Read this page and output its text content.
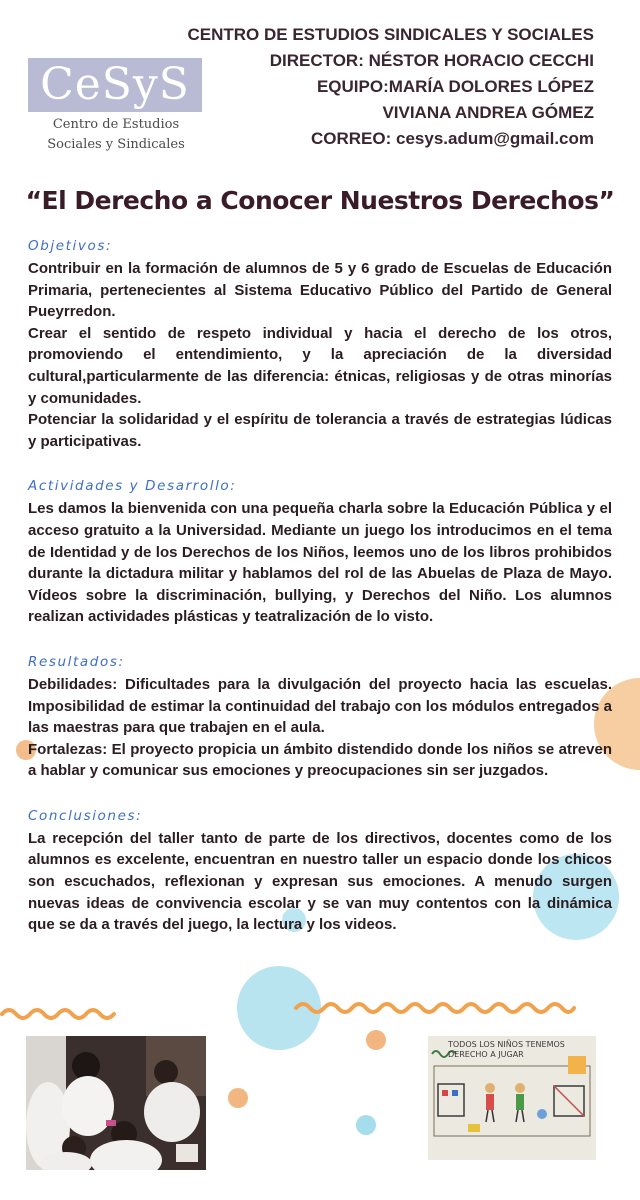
CeSyS
Centro de Estudios
Sociales y Sindicales
CENTRO DE ESTUDIOS SINDICALES Y SOCIALES
DIRECTOR: NÉSTOR HORACIO CECCHI
EQUIPO:MARÍA DOLORES LÓPEZ
VIVIANA ANDREA GÓMEZ
CORREO: cesys.adum@gmail.com
“El Derecho a Conocer Nuestros Derechos”
Objetivos:

Contribuir en la formación de alumnos de 5 y 6 grado de Escuelas de Educación Primaria, pertenecientes al Sistema Educativo Público del Partido de General Pueyrredon.

Crear el sentido de respeto individual y hacia el derecho de los otros, promoviendo el entendimiento, y la apreciación de la diversidad cultural,particularmente de las diferencia: étnicas, religiosas y de otras minorías y comunidades.

Potenciar la solidaridad y el espíritu de tolerancia a través de estrategias lúdicas y participativas.

Actividades y Desarrollo:

Les damos la bienvenida con una pequeña charla sobre la Educación Pública y el acceso gratuito a la Universidad. Mediante un juego los introducimos en el tema de Identidad y de los Derechos de los Niños, leemos uno de los libros prohibidos durante la dictadura militar y hablamos del rol de las Abuelas de Plaza de Mayo. Vídeos sobre la discriminación, bullying, y Derechos del Niño. Los alumnos realizan actividades plásticas y teatralización de lo visto.

Resultados:

Debilidades: Dificultades para la divulgación del proyecto hacia las escuelas. Imposibilidad de estimar la continuidad del trabajo con los módulos entregados a las maestras para que trabajen en el aula.

Fortalezas: El proyecto propicia un ámbito distendido donde los niños se atreven a hablar y comunicar sus emociones y preocupaciones sin ser juzgados.

Conclusiones:

La recepción del taller tanto de parte de los directivos, docentes como de los alumnos es excelente, encuentran en nuestro taller un espacio donde los chicos son escuchados, reflexionan y expresan sus emociones. A menudo surgen nuevas ideas de convivencia escolar y se van muy contentos con la dinámica que se da a través del juego, la lectura y los videos.

TODOS LOS NIÑOS TENEMOS DERECHO A JUGAR
